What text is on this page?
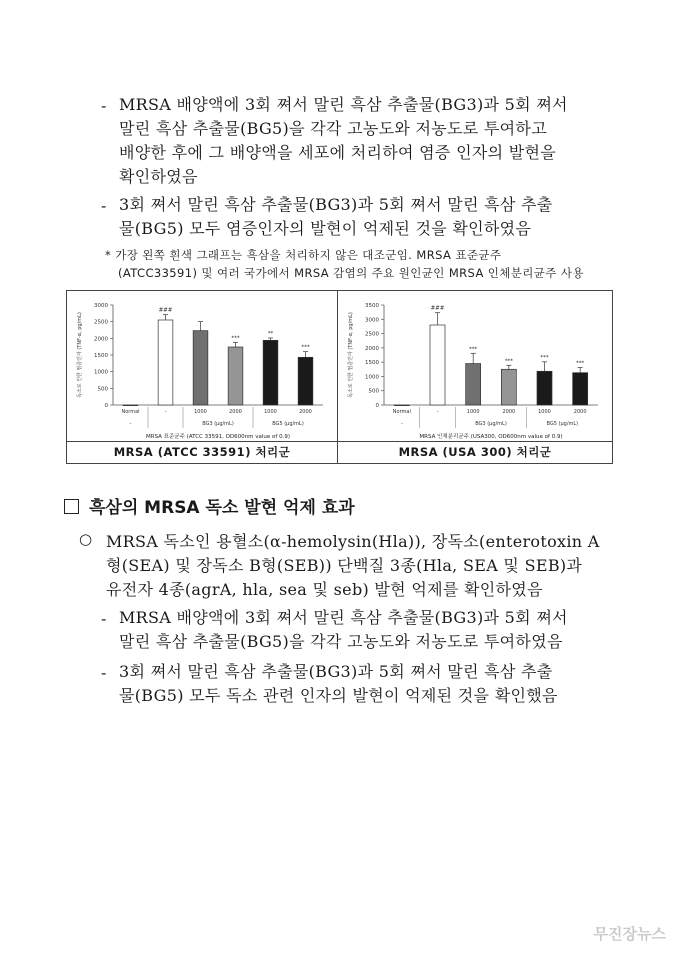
- MRSA 배양액에 3회 쪄서 말린 흑삼 추출물(BG3)과 5회 쪄서
말린 흑삼 추출물(BG5)을 각각 고농도와 저농도로 투여하고
배양한 후에 그 배양액을 세포에 처리하여 염증 인자의 발현을
확인하였음
- 3회 쪄서 말린 흑삼 추출물(BG3)과 5회 쪄서 말린 흑삼 추출
물(BG5) 모두 염증인자의 발현이 억제된 것을 확인하였음
* 가장 왼쪽 흰색 그래프는 흑삼을 처리하지 않은 대조군임. MRSA 표준균주
(ATCC33591) 및 여러 국가에서 MRSA 감염의 주요 원인균인 MRSA 인체분리균주 사용
0
500
1000
1500
2000
2500
3000
독소로 인한 염증인자 (TNF-α, pg/mL)
Normal
###
-	1000
***
2000
**
1000
***
2000
-	BG3 (µg/mL)	BG5 (µg/mL)
MRSA 표준균주 (ATCC 33591, OD600nm value of 0.9)
0
500
1000
1500
2000
2500
3000
3500
독소로 인한 염증인자 (TNF-α, pg/mL)
Normal
###
-
***
1000
***
2000
***
1000
***
2000
-	BG3 (µg/mL)	BG5 (µg/mL)
MRSA 인체분리균주 (USA300, OD600nm value of 0.9)
MRSA (ATCC 33591) 처리군	MRSA (USA 300) 처리군
흑삼의 MRSA 독소 발현 억제 효과
○ MRSA 독소인 용혈소(α-hemolysin(Hla)), 장독소(enterotoxin A
형(SEA) 및 장독소 B형(SEB)) 단백질 3종(Hla, SEA 및 SEB)과
유전자 4종(agrA, hla, sea 및 seb) 발현 억제를 확인하였음
- MRSA 배양액에 3회 쪄서 말린 흑삼 추출물(BG3)과 5회 쪄서
말린 흑삼 추출물(BG5)을 각각 고농도와 저농도로 투여하였음
- 3회 쪄서 말린 흑삼 추출물(BG3)과 5회 쪄서 말린 흑삼 추출
물(BG5) 모두 독소 관련 인자의 발현이 억제된 것을 확인했음
무진장뉴스
